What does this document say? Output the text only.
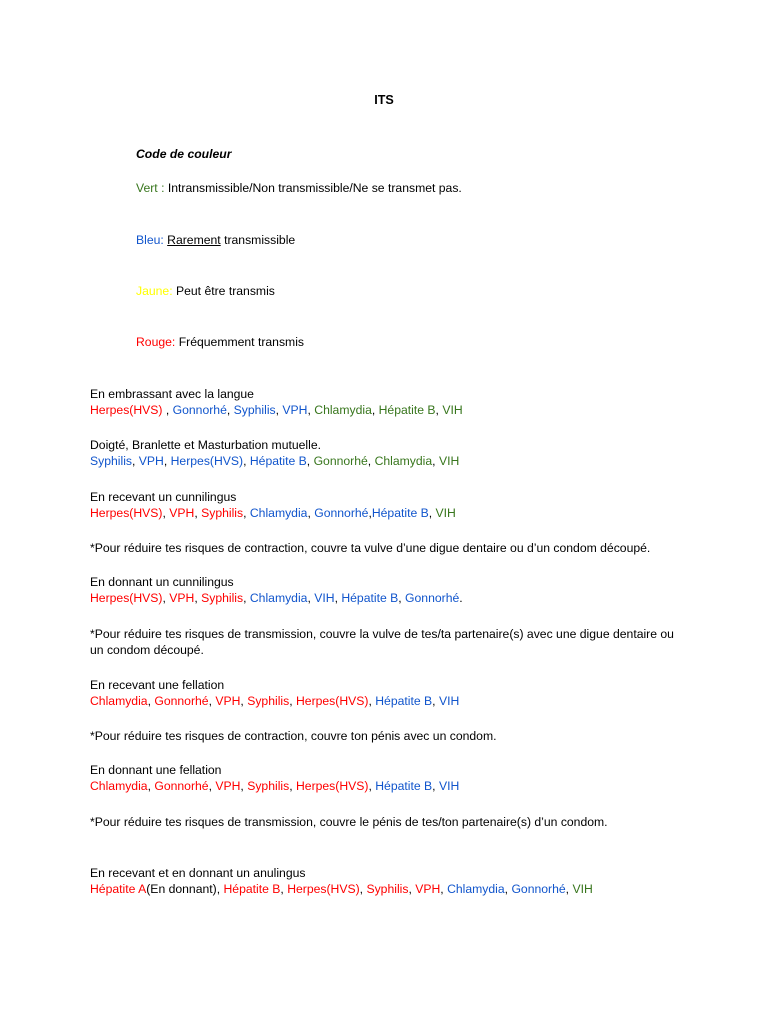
ITS
Code de couleur
Vert : Intransmissible/Non transmissible/Ne se transmet pas.
Bleu: Rarement transmissible
Jaune: Peut être transmis
Rouge: Fréquemment transmis
En embrassant avec la langue
Herpes(HVS) , Gonnorhé, Syphilis, VPH, Chlamydia, Hépatite B, VIH
Doigté, Branlette et Masturbation mutuelle.
Syphilis, VPH, Herpes(HVS), Hépatite B, Gonnorhé, Chlamydia, VIH
En recevant un cunnilingus
Herpes(HVS), VPH, Syphilis, Chlamydia, Gonnorhé,Hépatite B, VIH
*Pour réduire tes risques de contraction, couvre ta vulve d’une digue dentaire ou d’un condom découpé.
En donnant un cunnilingus
Herpes(HVS), VPH, Syphilis, Chlamydia, VIH, Hépatite B, Gonnorhé.
*Pour réduire tes risques de transmission, couvre la vulve de tes/ta partenaire(s) avec une digue dentaire ou un condom découpé.
En recevant une fellation
Chlamydia, Gonnorhé, VPH, Syphilis, Herpes(HVS), Hépatite B, VIH
*Pour réduire tes risques de contraction, couvre ton pénis avec un condom.
En donnant une fellation
Chlamydia, Gonnorhé, VPH, Syphilis, Herpes(HVS), Hépatite B, VIH
*Pour réduire tes risques de transmission, couvre le pénis de tes/ton partenaire(s) d’un condom.
En recevant et en donnant un anulingus
Hépatite A(En donnant), Hépatite B, Herpes(HVS), Syphilis, VPH, Chlamydia, Gonnorhé, VIH
